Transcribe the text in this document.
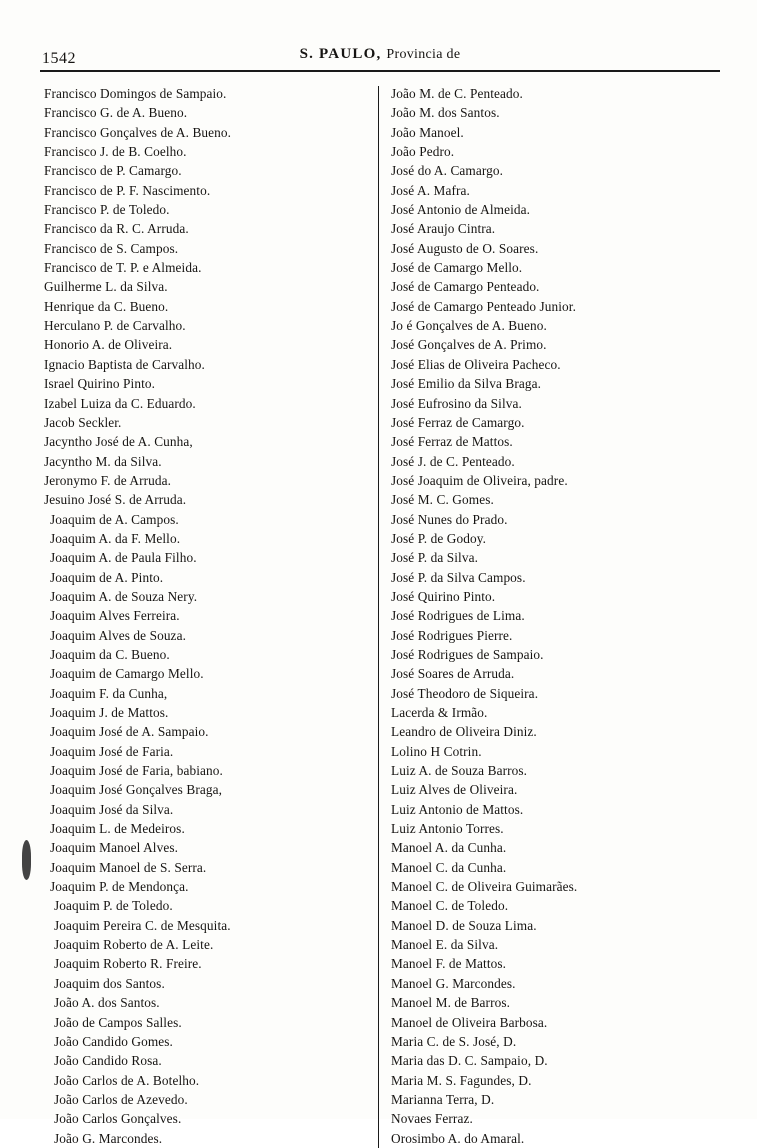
1542	S. PAULO, Provincia de
Francisco Domingos de Sampaio.
Francisco G. de A. Bueno.
Francisco Gonçalves de A. Bueno.
Francisco J. de B. Coelho.
Francisco de P. Camargo.
Francisco de P. F. Nascimento.
Francisco P. de Toledo.
Francisco da R. C. Arruda.
Francisco de S. Campos.
Francisco de T. P. e Almeida.
Guilherme L. da Silva.
Henrique da C. Bueno.
Herculano P. de Carvalho.
Honorio A. de Oliveira.
Ignacio Baptista de Carvalho.
Israel Quirino Pinto.
Izabel Luiza da C. Eduardo.
Jacob Seckler.
Jacyntho José de A. Cunha,
Jacyntho M. da Silva.
Jeronymo F. de Arruda.
Jesuino José S. de Arruda.
Joaquim de A. Campos.
Joaquim A. da F. Mello.
Joaquim A. de Paula Filho.
Joaquim de A. Pinto.
Joaquim A. de Souza Nery.
Joaquim Alves Ferreira.
Joaquim Alves de Souza.
Joaquim da C. Bueno.
Joaquim de Camargo Mello.
Joaquim F. da Cunha,
Joaquim J. de Mattos.
Joaquim José de A. Sampaio.
Joaquim José de Faria.
Joaquim José de Faria, babiano.
Joaquim José Gonçalves Braga,
Joaquim José da Silva.
Joaquim L. de Medeiros.
Joaquim Manoel Alves.
Joaquim Manoel de S. Serra.
Joaquim P. de Mendonça.
Joaquim P. de Toledo.
Joaquim Pereira C. de Mesquita.
Joaquim Roberto de A. Leite.
Joaquim Roberto R. Freire.
Joaquim dos Santos.
João A. dos Santos.
João de Campos Salles.
João Candido Gomes.
João Candido Rosa.
João Carlos de A. Botelho.
João Carlos de Azevedo.
João Carlos Gonçalves.
João G. Marcondes.
João M. de C. Penteado.
João M. dos Santos.
João Manoel.
João Pedro.
José do A. Camargo.
José A. Mafra.
José Antonio de Almeida.
José Araujo Cintra.
José Augusto de O. Soares.
José de Camargo Mello.
José de Camargo Penteado.
José de Camargo Penteado Junior.
Jo é Gonçalves de A. Bueno.
José Gonçalves de A. Primo.
José Elias de Oliveira Pacheco.
José Emilio da Silva Braga.
José Eufrosino da Silva.
José Ferraz de Camargo.
José Ferraz de Mattos.
José J. de C. Penteado.
José Joaquim de Oliveira, padre.
José M. C. Gomes.
José Nunes do Prado.
José P. de Godoy.
José P. da Silva.
José P. da Silva Campos.
José Quirino Pinto.
José Rodrigues de Lima.
José Rodrigues Pierre.
José Rodrigues de Sampaio.
José Soares de Arruda.
José Theodoro de Siqueira.
Lacerda & Irmão.
Leandro de Oliveira Diniz.
Lolino H Cotrin.
Luiz A. de Souza Barros.
Luiz Alves de Oliveira.
Luiz Antonio de Mattos.
Luiz Antonio Torres.
Manoel A. da Cunha.
Manoel C. da Cunha.
Manoel C. de Oliveira Guimarães.
Manoel C. de Toledo.
Manoel D. de Souza Lima.
Manoel E. da Silva.
Manoel F. de Mattos.
Manoel G. Marcondes.
Manoel M. de Barros.
Manoel de Oliveira Barbosa.
Maria C. de S. José, D.
Maria das D. C. Sampaio, D.
Maria M. S. Fagundes, D.
Marianna Terra, D.
Novaes Ferraz.
Orosimbo A. do Amaral.
